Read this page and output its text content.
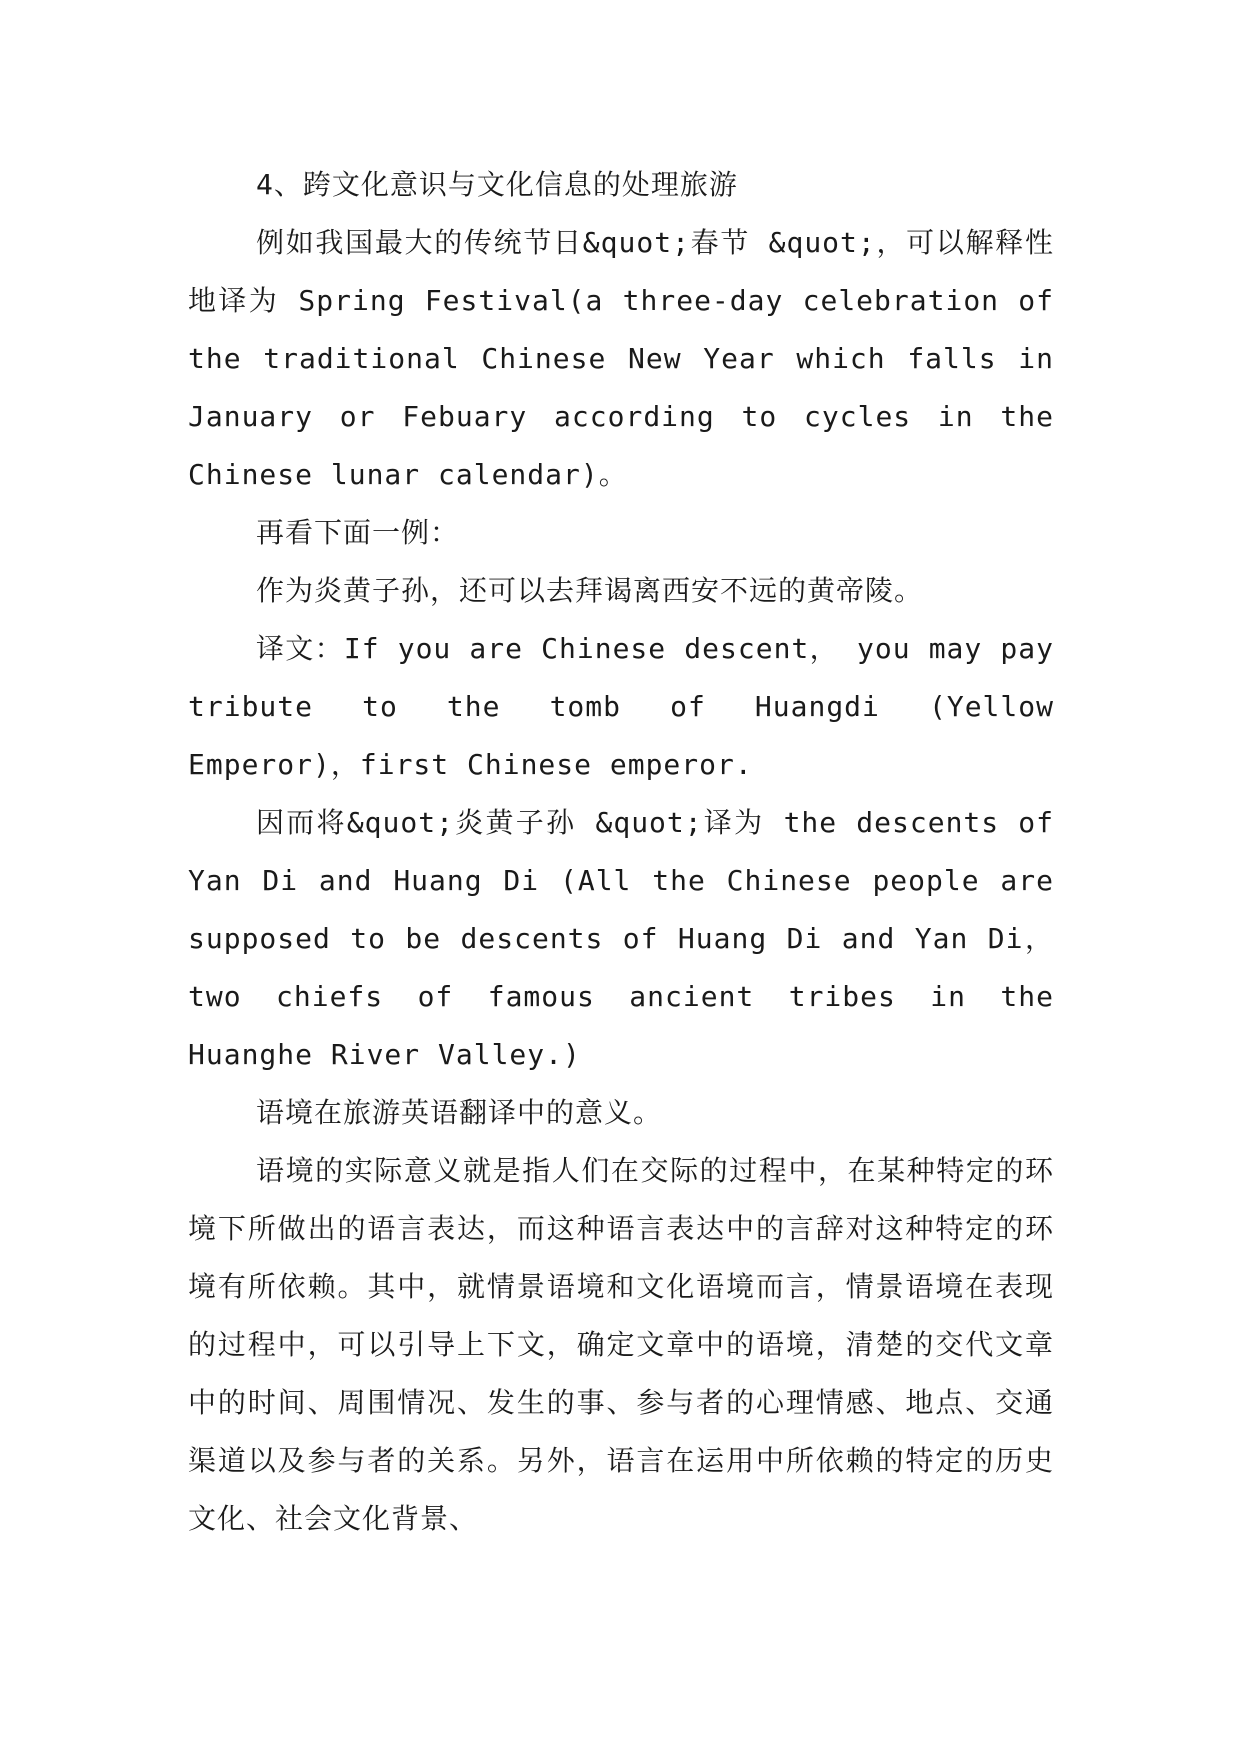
4、跨文化意识与文化信息的处理旅游

例如我国最大的传统节日&quot;春节 &quot;，可以解释性地译为 Spring Festival(a three-day celebration of the traditional Chinese New Year which falls in January or Febuary according to cycles in the Chinese lunar calendar)。

再看下面一例：

作为炎黄子孙，还可以去拜谒离西安不远的黄帝陵。

译文：If you are Chinese descent， you may pay tribute to the tomb of Huangdi (Yellow Emperor)，first Chinese emperor.

因而将&quot;炎黄子孙 &quot;译为 the descents of Yan Di and Huang Di (All the Chinese people are supposed to be descents of Huang Di and Yan Di，two chiefs of famous ancient tribes in the Huanghe River Valley.)

语境在旅游英语翻译中的意义。

语境的实际意义就是指人们在交际的过程中，在某种特定的环境下所做出的语言表达，而这种语言表达中的言辞对这种特定的环境有所依赖。其中，就情景语境和文化语境而言，情景语境在表现的过程中，可以引导上下文，确定文章中的语境，清楚的交代文章中的时间、周围情况、发生的事、参与者的心理情感、地点、交通渠道以及参与者的关系。另外，语言在运用中所依赖的特定的历史文化、社会文化背景、
